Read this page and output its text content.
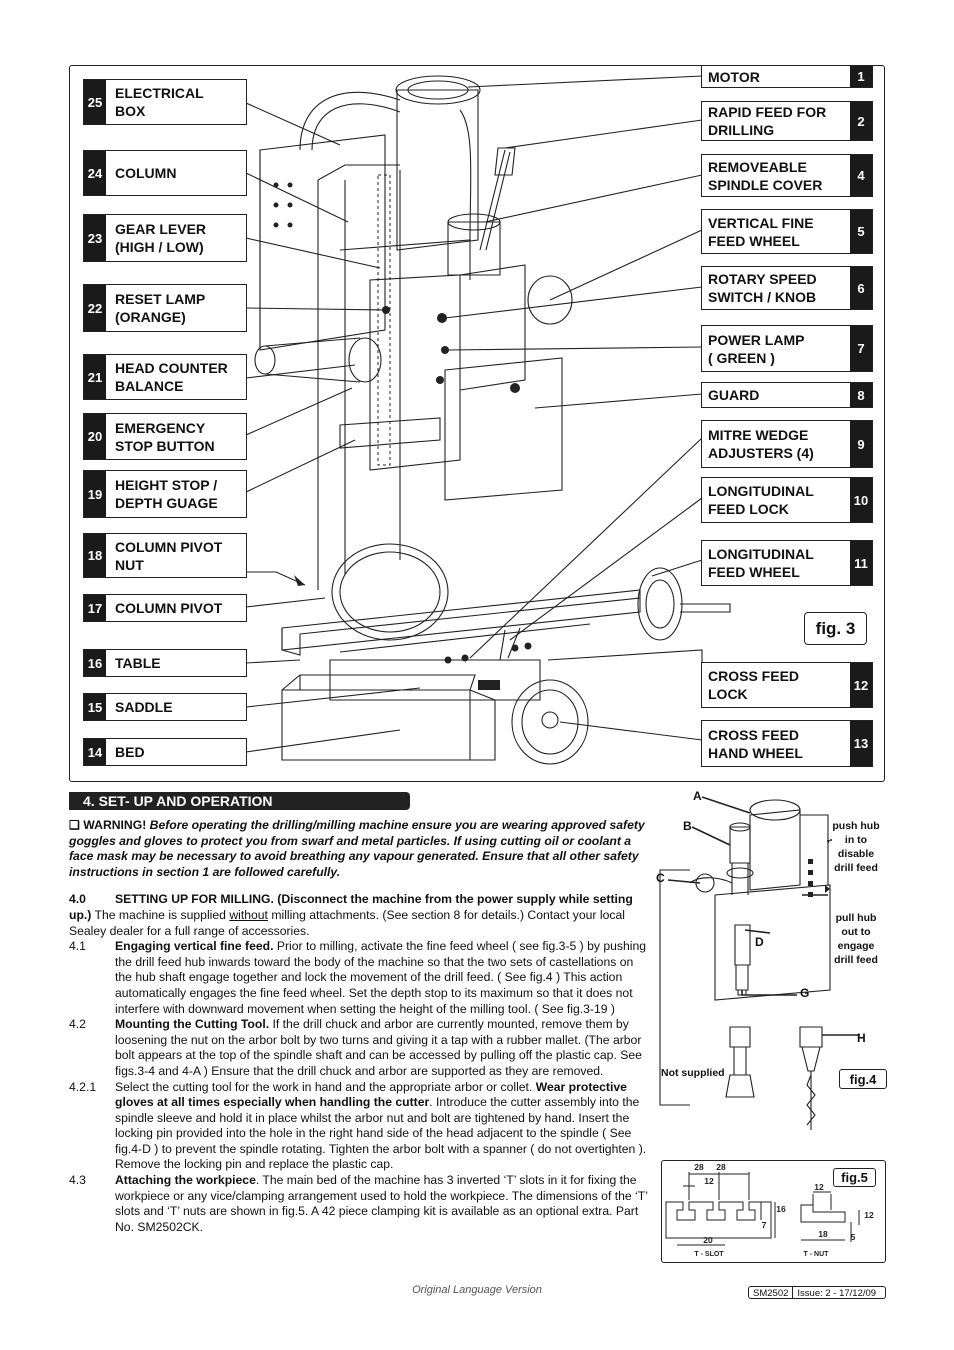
25
ELECTRICAL
BOX
24 COLUMN
23
GEAR LEVER
(HIGH / LOW)
22
RESET LAMP
(ORANGE)
21
HEAD COUNTER
BALANCE
20
EMERGENCY
STOP BUTTON
19
HEIGHT STOP /
DEPTH GUAGE
18
COLUMN PIVOT
NUT
17 COLUMN PIVOT
16 TABLE
15 SADDLE
14 BED
1
MOTOR
2
RAPID FEED FOR
DRILLING
4
REMOVEABLE
SPINDLE COVER
5
VERTICAL FINE
FEED WHEEL
6
ROTARY SPEED
SWITCH / KNOB
7
POWER LAMP
( GREEN )
8
GUARD
9
MITRE WEDGE
ADJUSTERS (4)
10
LONGITUDINAL
FEED LOCK
11
LONGITUDINAL
FEED WHEEL
12
CROSS FEED
LOCK
13
CROSS FEED
HAND WHEEL
fig. 3
4. SET- UP AND OPERATION

❑ WARNING! Before operating the drilling/milling machine ensure you are wearing approved safety goggles and gloves to protect you from swarf and metal particles. If using cutting oil or coolant a face mask may be necessary to avoid breathing any vapour generated. Ensure that all other safety instructions in section 1 are followed carefully.

4.0 SETTING UP FOR MILLING. (Disconnect the machine from the power supply while setting up.) The machine is supplied without milling attachments. (See section 8 for details.) Contact your local Sealey dealer for a full range of accessories.

4.1	Engaging vertical fine feed. Prior to milling, activate the fine feed wheel ( see fig.3-5 ) by pushing the drill feed hub inwards toward the body of the machine so that the two sets of castellations on the hub shaft engage together and lock the movement of the drill feed. ( See fig.4 ) This action automatically engages the fine feed wheel. Set the depth stop to its maximum so that it does not interfere with downward movement when setting the height of the milling tool. ( See fig.3-19 )
4.2	Mounting the Cutting Tool. If the drill chuck and arbor are currently mounted, remove them by loosening the nut on the arbor bolt by two turns and giving it a tap with a rubber mallet. (The arbor bolt appears at the top of the spindle shaft and can be accessed by pulling off the plastic cap. See figs.3-4 and 4-A ) Ensure that the drill chuck and arbor are supported as they are removed.
4.2.1	Select the cutting tool for the work in hand and the appropriate arbor or collet. Wear protective gloves at all times especially when handling the cutter. Introduce the cutter assembly into the spindle sleeve and hold it in place whilst the arbor nut and bolt are tightened by hand. Insert the locking pin provided into the hole in the right hand side of the head adjacent to the spindle ( See fig.4-D ) to prevent the spindle rotating. Tighten the arbor bolt with a spanner ( do not overtighten ). Remove the locking pin and replace the plastic cap.
4.3	Attaching the workpiece. The main bed of the machine has 3 inverted ‘T’ slots in it for fixing the workpiece or any vice/clamping arrangement used to hold the workpiece. The dimensions of the ‘T’ slots and ‘T’ nuts are shown in fig.5. A 42 piece clamping kit is available as an optional extra. Part No. SM2502CK.
A
B
C
D
G
H
push hub
in to
disable
drill feed
pull hub
out to
engage
drill feed
Not supplied	fig.4
28 28
12
16
7
20
12
12
5
18
T - SLOT	T - NUT
fig.5
Original Language Version	SM2502 Issue: 2 - 17/12/09
